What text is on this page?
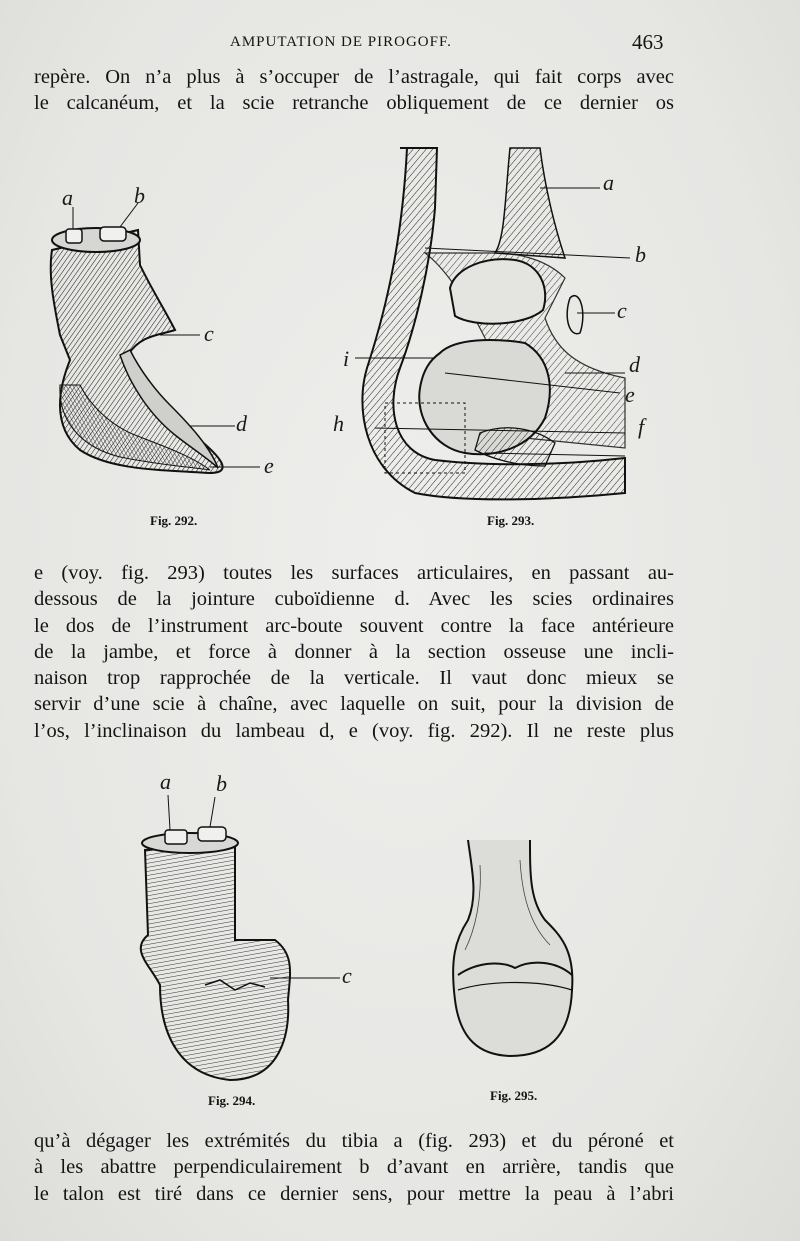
AMPUTATION DE PIROGOFF.	463
repère. On n’a plus à s’occuper de l’astragale, qui fait corps avec
le calcanéum, et la scie retranche obliquement de ce dernier os
a	b
c
d
e
Fig. 292.
a
b
c
d
e
f
i
h
Fig. 293.
e (voy. fig. 293) toutes les surfaces articulaires, en passant au-
dessous de la jointure cuboïdienne d. Avec les scies ordinaires
le dos de l’instrument arc-boute souvent contre la face antérieure
de la jambe, et force à donner à la section osseuse une incli-
naison trop rapprochée de la verticale. Il vaut donc mieux se
servir d’une scie à chaîne, avec laquelle on suit, pour la division de
l’os, l’inclinaison du lambeau d, e (voy. fig. 292). Il ne reste plus
a b
c
Fig. 294.	Fig. 295.
qu’à dégager les extrémités du tibia a (fig. 293) et du péroné et
à les abattre perpendiculairement b d’avant en arrière, tandis que
le talon est tiré dans ce dernier sens, pour mettre la peau à l’abri
